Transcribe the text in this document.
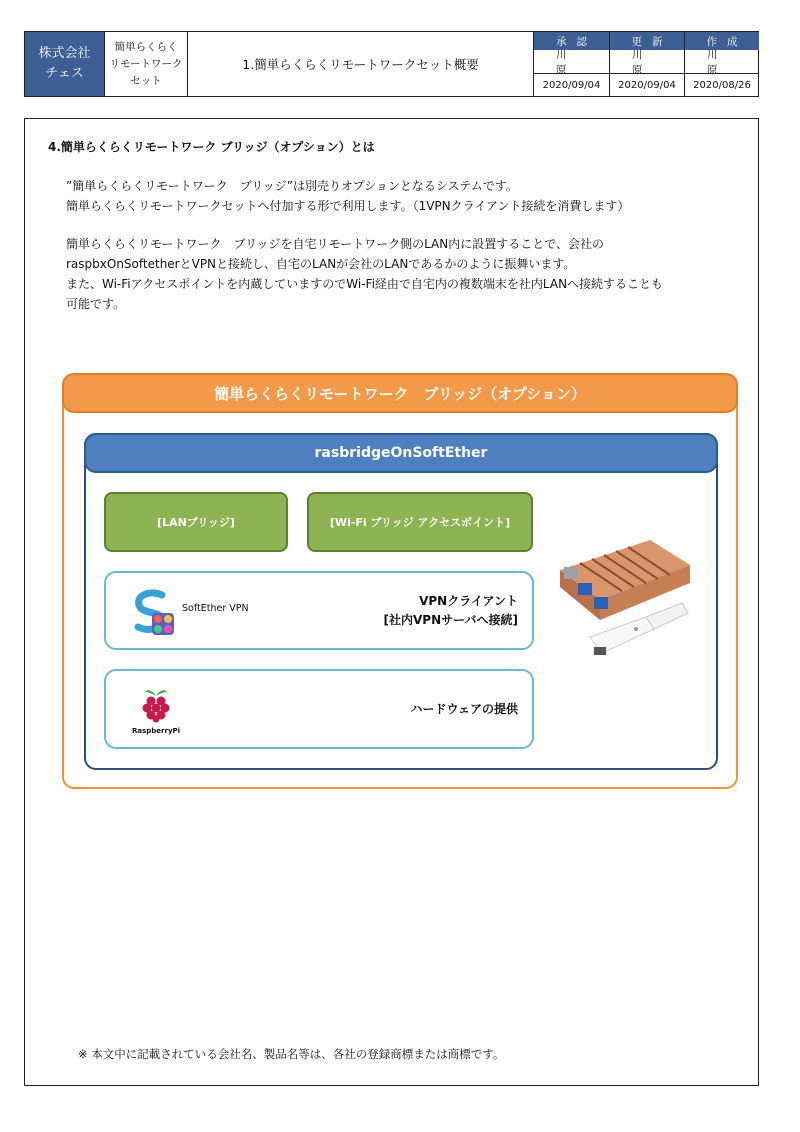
株式会社
チェス
簡単らくらく
リモートワーク
セット
1.簡単らくらくリモートワークセット概要
承認
川原
2020/09/04
更新
川原
2020/09/04
作成
川原
2020/08/26
4.簡単らくらくリモートワーク ブリッジ（オプション）とは
”簡単らくらくリモートワーク　ブリッジ”は別売りオプションとなるシステムです。
簡単らくらくリモートワークセットへ付加する形で利用します。（1VPNクライアント接続を消費します）
簡単らくらくリモートワーク　ブリッジを自宅リモートワーク側のLAN内に設置することで、会社の
raspbxOnSoftetherとVPNと接続し、自宅のLANが会社のLANであるかのように振舞います。
また、Wi-Fiアクセスポイントを内蔵していますのでWi-Fi経由で自宅内の複数端末を社内LANへ接続することも
可能です。
簡単らくらくリモートワーク　ブリッジ（オプション）
rasbridgeOnSoftEther
[LANブリッジ]	[Wi-Fi ブリッジ アクセスポイント]
SoftEther VPN
VPNクライアント
[社内VPNサーバへ接続]
RaspberryPi
ハードウェアの提供
※ 本文中に記載されている会社名、製品名等は、各社の登録商標または商標です。
